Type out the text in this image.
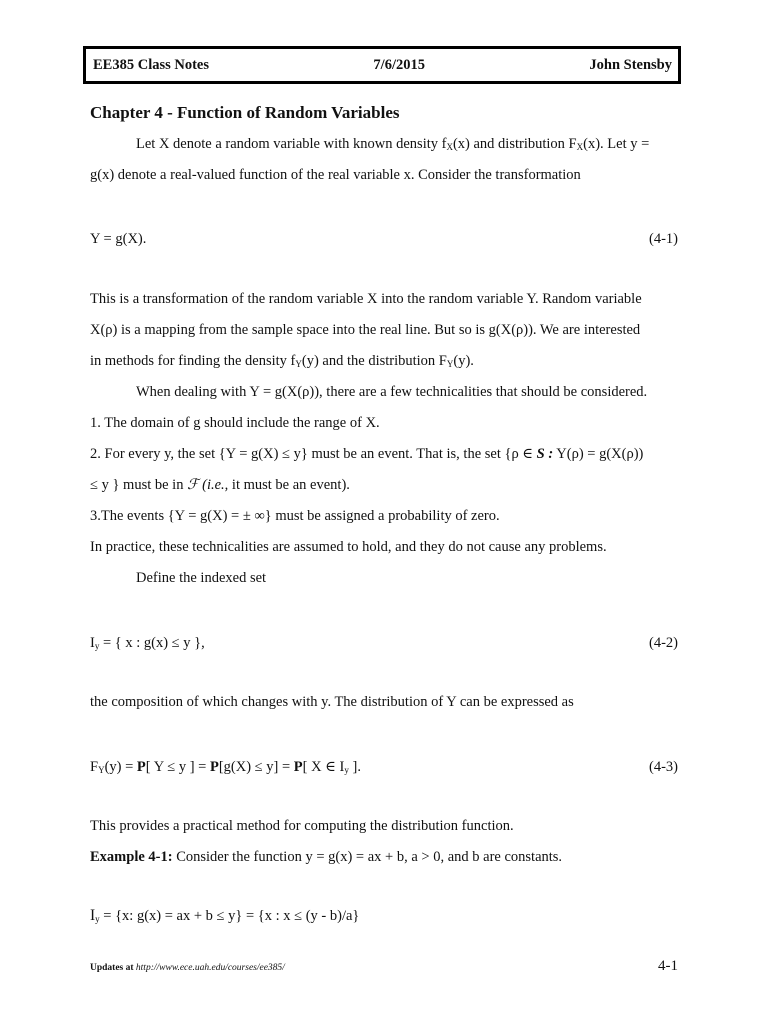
EE385 Class Notes	7/6/2015	John Stensby
Chapter 4 - Function of Random Variables
Let X denote a random variable with known density $f_X(x)$ and distribution $F_X(x)$. Let y =
g(x) denote a real-valued function of the real variable x. Consider the transformation
Y = g(X).	(4-1)
This is a transformation of the random variable X into the random variable Y. Random variable
X(ρ) is a mapping from the sample space into the real line. But so is g(X(ρ)). We are interested
in methods for finding the density $f_Y(y)$ and the distribution $F_Y(y)$.
When dealing with Y = g(X(ρ)), there are a few technicalities that should be considered.
1. The domain of g should include the range of X.
2. For every y, the set {Y = g(X) ≤ y} must be an event. That is, the set {ρ ∈ S : Y(ρ) = g(X(ρ))
≤ y } must be in ℱ (i.e., it must be an event).
3.The events {Y = g(X) = ± ∞} must be assigned a probability of zero.
In practice, these technicalities are assumed to hold, and they do not cause any problems.
Define the indexed set
$I_y$ = { x : g(x) ≤ y },	(4-2)
the composition of which changes with y. The distribution of Y can be expressed as
$F_Y(y) = P$[ Y ≤ y ] = P[g(X) ≤ y] = P[ X ∈ $I_y$ ].	(4-3)
This provides a practical method for computing the distribution function.
Example 4-1: Consider the function y = g(x) = ax + b, a > 0, and b are constants.
$I_y = \{x$: g(x) = ax + b ≤ y} = {x : x ≤ (y - b)/a}
Updates at http://www.ece.uah.edu/courses/ee385/	4-1
